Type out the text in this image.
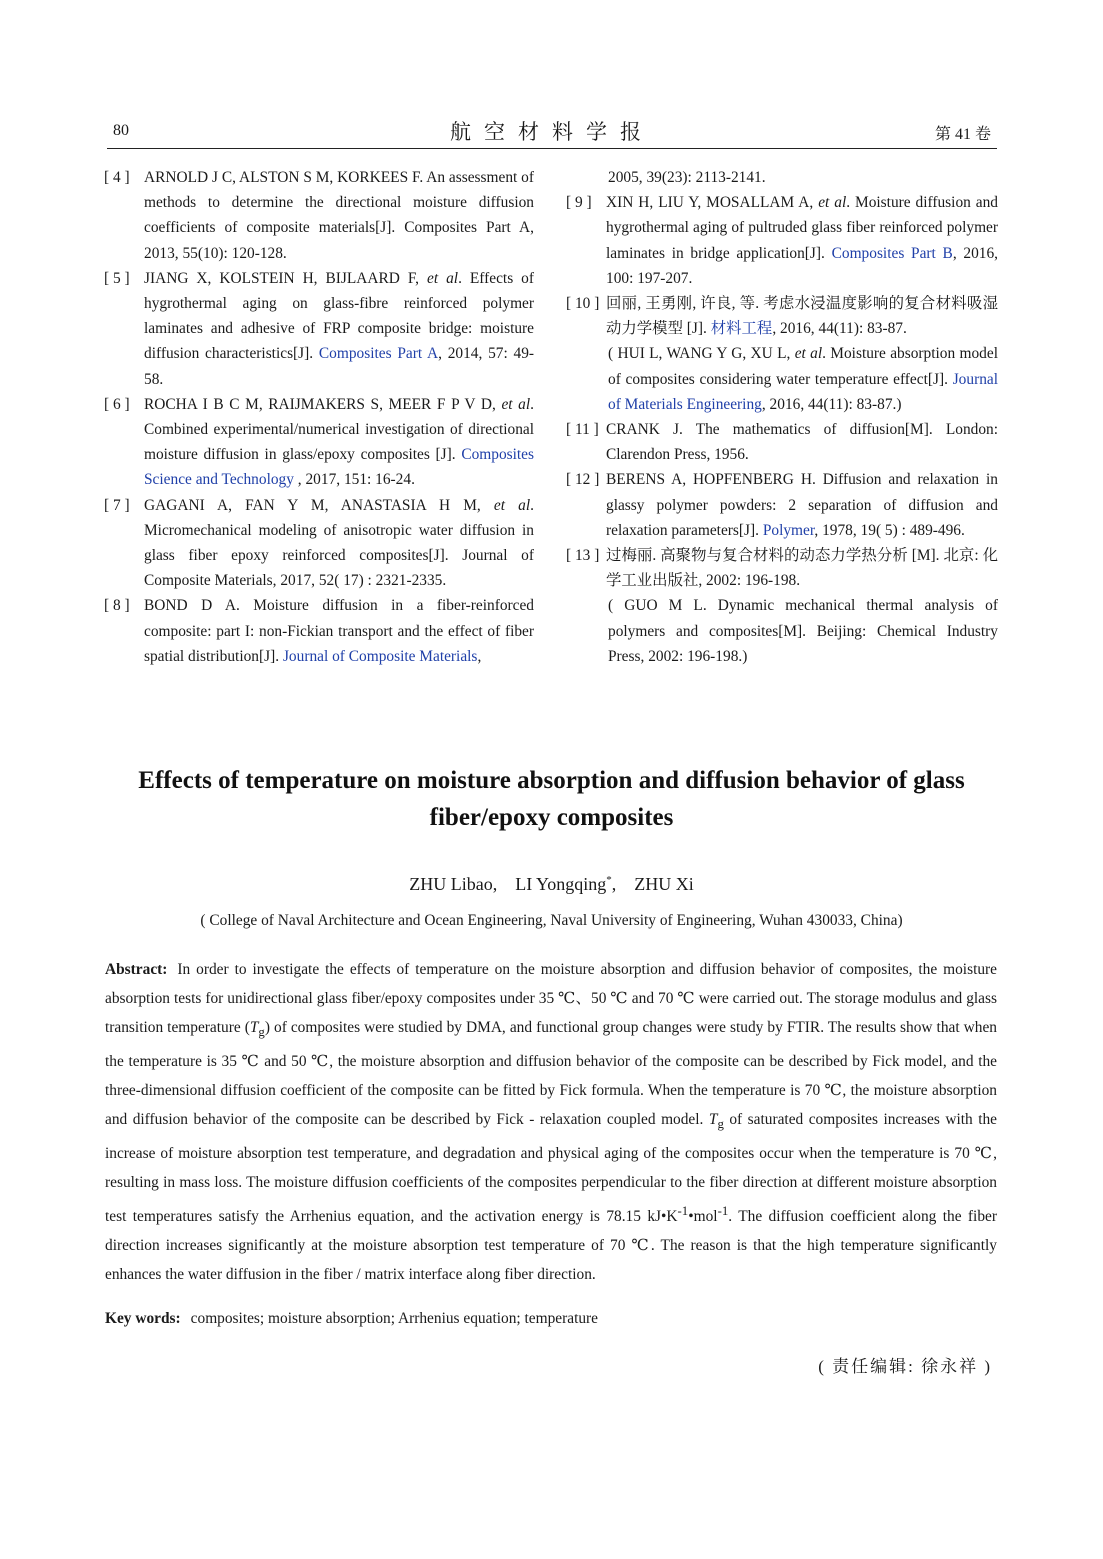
80	航空材料学报	第 41 卷
[ 4 ] ARNOLD J C, ALSTON S M, KORKEES F. An assessment of methods to determine the directional moisture diffusion coefficients of composite materials[J]. Composites Part A, 2013, 55(10): 120-128.
[ 5 ] JIANG X, KOLSTEIN H, BIJLAARD F, et al. Effects of hygrothermal aging on glass-fibre reinforced polymer laminates and adhesive of FRP composite bridge: moisture diffusion characteristics[J]. Composites Part A, 2014, 57: 49-58.
[ 6 ] ROCHA I B C M, RAIJMAKERS S, MEER F P V D, et al. Combined experimental/numerical investigation of directional moisture diffusion in glass/epoxy composites [J]. Composites Science and Technology , 2017, 151: 16-24.
[ 7 ] GAGANI A, FAN Y M, ANASTASIA H M, et al. Micromechanical modeling of anisotropic water diffusion in glass fiber epoxy reinforced composites[J]. Journal of Composite Materials, 2017, 52( 17) : 2321-2335.
[ 8 ] BOND D A. Moisture diffusion in a fiber-reinforced composite: part I: non-Fickian transport and the effect of fiber spatial distribution[J]. Journal of Composite Materials,
2005, 39(23): 2113-2141.
[ 9 ] XIN H, LIU Y, MOSALLAM A, et al. Moisture diffusion and hygrothermal aging of pultruded glass fiber reinforced polymer laminates in bridge application[J]. Composites Part B, 2016, 100: 197-207.
[ 10 ] 回丽, 王勇刚, 许良, 等. 考虑水浸温度影响的复合材料吸湿动力学模型 [J]. 材料工程, 2016, 44(11): 83-87.
( HUI L, WANG Y G, XU L, et al. Moisture absorption model of composites considering water temperature effect[J]. Journal of Materials Engineering, 2016, 44(11): 83-87.)
[ 11 ] CRANK J. The mathematics of diffusion[M]. London: Clarendon Press, 1956.
[ 12 ] BERENS A, HOPFENBERG H. Diffusion and relaxation in glassy polymer powders: 2 separation of diffusion and relaxation parameters[J]. Polymer, 1978, 19( 5) : 489-496.
[ 13 ] 过梅丽. 高聚物与复合材料的动态力学热分析 [M]. 北京: 化学工业出版社, 2002: 196-198.
( GUO M L. Dynamic mechanical thermal analysis of polymers and composites[M]. Beijing: Chemical Industry Press, 2002: 196-198.)
Effects of temperature on moisture absorption and diffusion behavior of glass fiber/epoxy composites
ZHU Libao,    LI Yongqing*,    ZHU Xi
( College of Naval Architecture and Ocean Engineering, Naval University of Engineering, Wuhan 430033, China)
Abstract: In order to investigate the effects of temperature on the moisture absorption and diffusion behavior of composites, the moisture absorption tests for unidirectional glass fiber/epoxy composites under 35 ℃、50 ℃ and 70 ℃ were carried out. The storage modulus and glass transition temperature $(T_g)$ of composites were studied by DMA, and functional group changes were study by FTIR. The results show that when the temperature is 35 ℃ and 50 ℃, the moisture absorption and diffusion behavior of the composite can be described by Fick model, and the three-dimensional diffusion coefficient of the composite can be fitted by Fick formula. When the temperature is 70 ℃, the moisture absorption and diffusion behavior of the composite can be described by Fick - relaxation coupled model. $T_g$ of saturated composites increases with the increase of moisture absorption test temperature, and degradation and physical aging of the composites occur when the temperature is 70 ℃, resulting in mass loss. The moisture diffusion coefficients of the composites perpendicular to the fiber direction at different moisture absorption test temperatures satisfy the Arrhenius equation, and the activation energy is 78.15 $kJ•K^{-1}•mol^{-1}$. The diffusion coefficient along the fiber direction increases significantly at the moisture absorption test temperature of 70 ℃. The reason is that the high temperature significantly enhances the water diffusion in the fiber / matrix interface along fiber direction.
Key words: composites; moisture absorption; Arrhenius equation; temperature
( 责任编辑: 徐永祥 )
